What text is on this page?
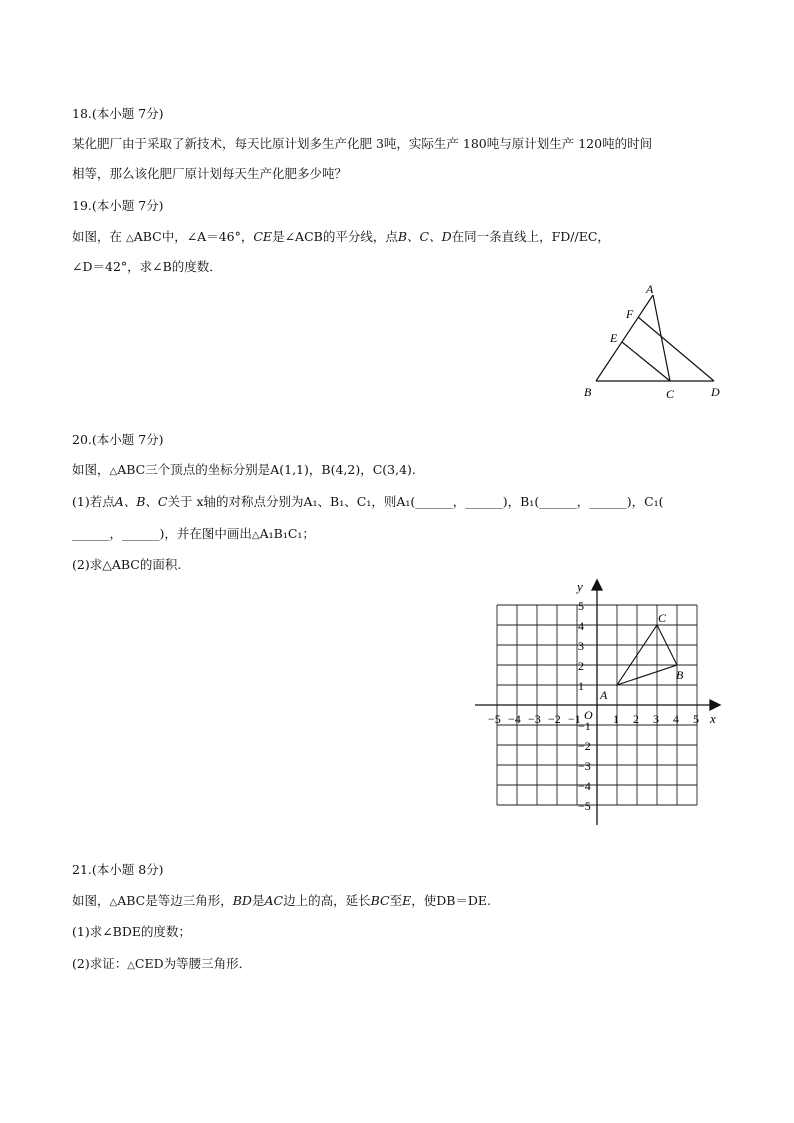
18.(本小题 7分)
某化肥厂由于采取了新技术，每天比原计划多生产化肥 3吨，实际生产 180吨与原计划生产 120吨的时间
相等，那么该化肥厂原计划每天生产化肥多少吨？
19.(本小题 7分)
如图，在 △ABC中，∠A＝46°，CE是∠ACB的平分线，点B、C、D在同一条直线上，FD//EC，
∠D＝42°，求∠B的度数．
A
F
E
B	C	D
20.(本小题 7分)
如图，△ABC三个顶点的坐标分别是A(1,1)，B(4,2)，C(3,4).
(1)若点A、B、C关于 x轴的对称点分别为A₁、B₁、C₁，则A₁(______，______)，B₁(______，______)，C₁(
______，______)，并在图中画出△A₁B₁C₁；
(2)求△ABC的面积.
−5 −4 −3 −2 −1	1 2 3 4 5
5
4
3
2
1
−1
−2
−3
−4
−5
x
y
O
A
B
C
21.(本小题 8分)
如图，△ABC是等边三角形，BD是AC边上的高，延长BC至E，使DB＝DE.
(1)求∠BDE的度数；
(2)求证：△CED为等腰三角形．
